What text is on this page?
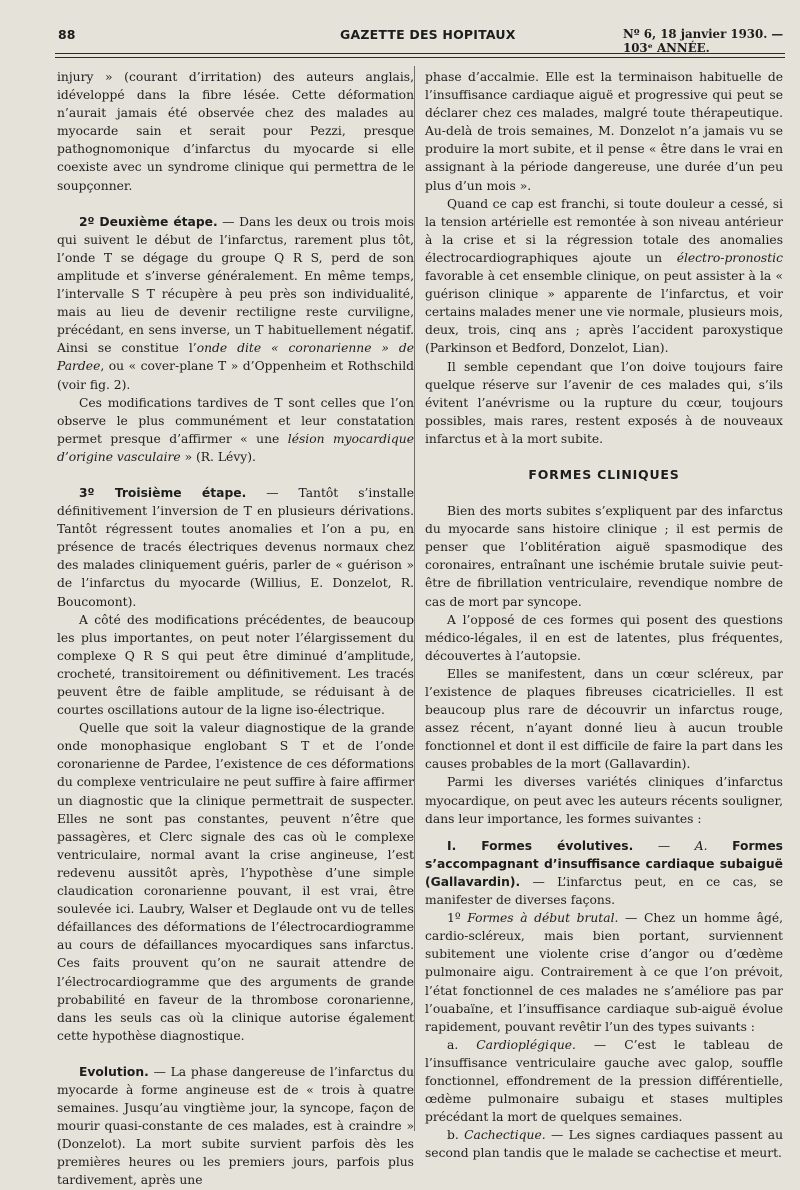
88	GAZETTE DES HOPITAUX	Nº 6, 18 janvier 1930. — 103ᵉ ANNÉE.

injury » (courant d’irritation) des auteurs anglais, idéveloppé dans la fibre lésée. Cette déformation n’aurait jamais été observée chez des malades au myocarde sain et serait pour Pezzi, presque pathognomonique d’infarctus du myocarde si elle coexiste avec un syndrome clinique qui permettra de le soupçonner.

2º Deuxième étape. — Dans les deux ou trois mois qui suivent le début de l’infarctus, rarement plus tôt, l’onde T se dégage du groupe Q R S, perd de son amplitude et s’inverse généralement. En même temps, l’intervalle S T récupère à peu près son individualité, mais au lieu de devenir rectiligne reste curviligne, précédant, en sens inverse, un T habituellement négatif. Ainsi se constitue l’onde dite « coronarienne » de Pardee, ou « cover-plane T » d’Oppenheim et Rothschild (voir fig. 2).

Ces modifications tardives de T sont celles que l’on observe le plus communément et leur constatation permet presque d’affirmer « une lésion myocardique d’origine vasculaire » (R. Lévy).

3º Troisième étape. — Tantôt s’installe définitivement l’inversion de T en plusieurs dérivations. Tantôt régressent toutes anomalies et l’on a pu, en présence de tracés électriques devenus normaux chez des malades cliniquement guéris, parler de « guérison » de l’infarctus du myocarde (Willius, E. Donzelot, R. Boucomont).

A côté des modifications précédentes, de beaucoup les plus importantes, on peut noter l’élargissement du complexe Q R S qui peut être diminué d’amplitude, crocheté, transitoirement ou définitivement. Les tracés peuvent être de faible amplitude, se réduisant à de courtes oscillations autour de la ligne iso-électrique.

Quelle que soit la valeur diagnostique de la grande onde monophasique englobant S T et de l’onde coronarienne de Pardee, l’existence de ces déformations du complexe ventriculaire ne peut suffire à faire affirmer un diagnostic que la clinique permettrait de suspecter. Elles ne sont pas constantes, peuvent n’être que passagères, et Clerc signale des cas où le complexe ventriculaire, normal avant la crise angineuse, l’est redevenu aussitôt après, l’hypothèse d’une simple claudication coronarienne pouvant, il est vrai, être soulevée ici. Laubry, Walser et Deglaude ont vu de telles défaillances des déformations de l’électrocardiogramme au cours de défaillances myocardiques sans infarctus. Ces faits prouvent qu’on ne saurait attendre de l’électrocardiogramme que des arguments de grande probabilité en faveur de la thrombose coronarienne, dans les seuls cas où la clinique autorise également cette hypothèse diagnostique.

Evolution. — La phase dangereuse de l’infarctus du myocarde à forme angineuse est de « trois à quatre semaines. Jusqu’au vingtième jour, la syncope, façon de mourir quasi-constante de ces malades, est à craindre » (Donzelot). La mort subite survient parfois dès les premières heures ou les premiers jours, parfois plus tardivement, après une

phase d’accalmie. Elle est la terminaison habituelle de l’insuffisance cardiaque aiguë et progressive qui peut se déclarer chez ces malades, malgré toute thérapeutique. Au-delà de trois semaines, M. Donzelot n’a jamais vu se produire la mort subite, et il pense « être dans le vrai en assignant à la période dangereuse, une durée d’un peu plus d’un mois ».

Quand ce cap est franchi, si toute douleur a cessé, si la tension artérielle est remontée à son niveau antérieur à la crise et si la régression totale des anomalies électrocardiographiques ajoute un électro-pronostic favorable à cet ensemble clinique, on peut assister à la « guérison clinique » apparente de l’infarctus, et voir certains malades mener une vie normale, plusieurs mois, deux, trois, cinq ans ; après l’accident paroxystique (Parkinson et Bedford, Donzelot, Lian).

Il semble cependant que l’on doive toujours faire quelque réserve sur l’avenir de ces malades qui, s’ils évitent l’anévrisme ou la rupture du cœur, toujours possibles, mais rares, restent exposés à de nouveaux infarctus et à la mort subite.

FORMES CLINIQUES

Bien des morts subites s’expliquent par des infarctus du myocarde sans histoire clinique ; il est permis de penser que l’oblitération aiguë spasmodique des coronaires, entraînant une ischémie brutale suivie peut-être de fibrillation ventriculaire, revendique nombre de cas de mort par syncope.

A l’opposé de ces formes qui posent des questions médico-légales, il en est de latentes, plus fréquentes, découvertes à l’autopsie.

Elles se manifestent, dans un cœur scléreux, par l’existence de plaques fibreuses cicatricielles. Il est beaucoup plus rare de découvrir un infarctus rouge, assez récent, n’ayant donné lieu à aucun trouble fonctionnel et dont il est difficile de faire la part dans les causes probables de la mort (Gallavardin).

Parmi les diverses variétés cliniques d’infarctus myocardique, on peut avec les auteurs récents souligner, dans leur importance, les formes suivantes :

I. Formes évolutives. — A. Formes s’accompagnant d’insuffisance cardiaque subaiguë (Gallavardin). — L’infarctus peut, en ce cas, se manifester de diverses façons.

1º Formes à début brutal. — Chez un homme âgé, cardio-scléreux, mais bien portant, surviennent subitement une violente crise d’angor ou d’œdème pulmonaire aigu. Contrairement à ce que l’on prévoit, l’état fonctionnel de ces malades ne s’améliore pas par l’ouabaïne, et l’insuffisance cardiaque sub-aiguë évolue rapidement, pouvant revêtir l’un des types suivants :

a. Cardioplégique. — C’est le tableau de l’insuffisance ventriculaire gauche avec galop, souffle fonctionnel, effondrement de la pression différentielle, œdème pulmonaire subaigu et stases multiples précédant la mort de quelques semaines.

b. Cachectique. — Les signes cardiaques passent au second plan tandis que le malade se cachectise et meurt.
